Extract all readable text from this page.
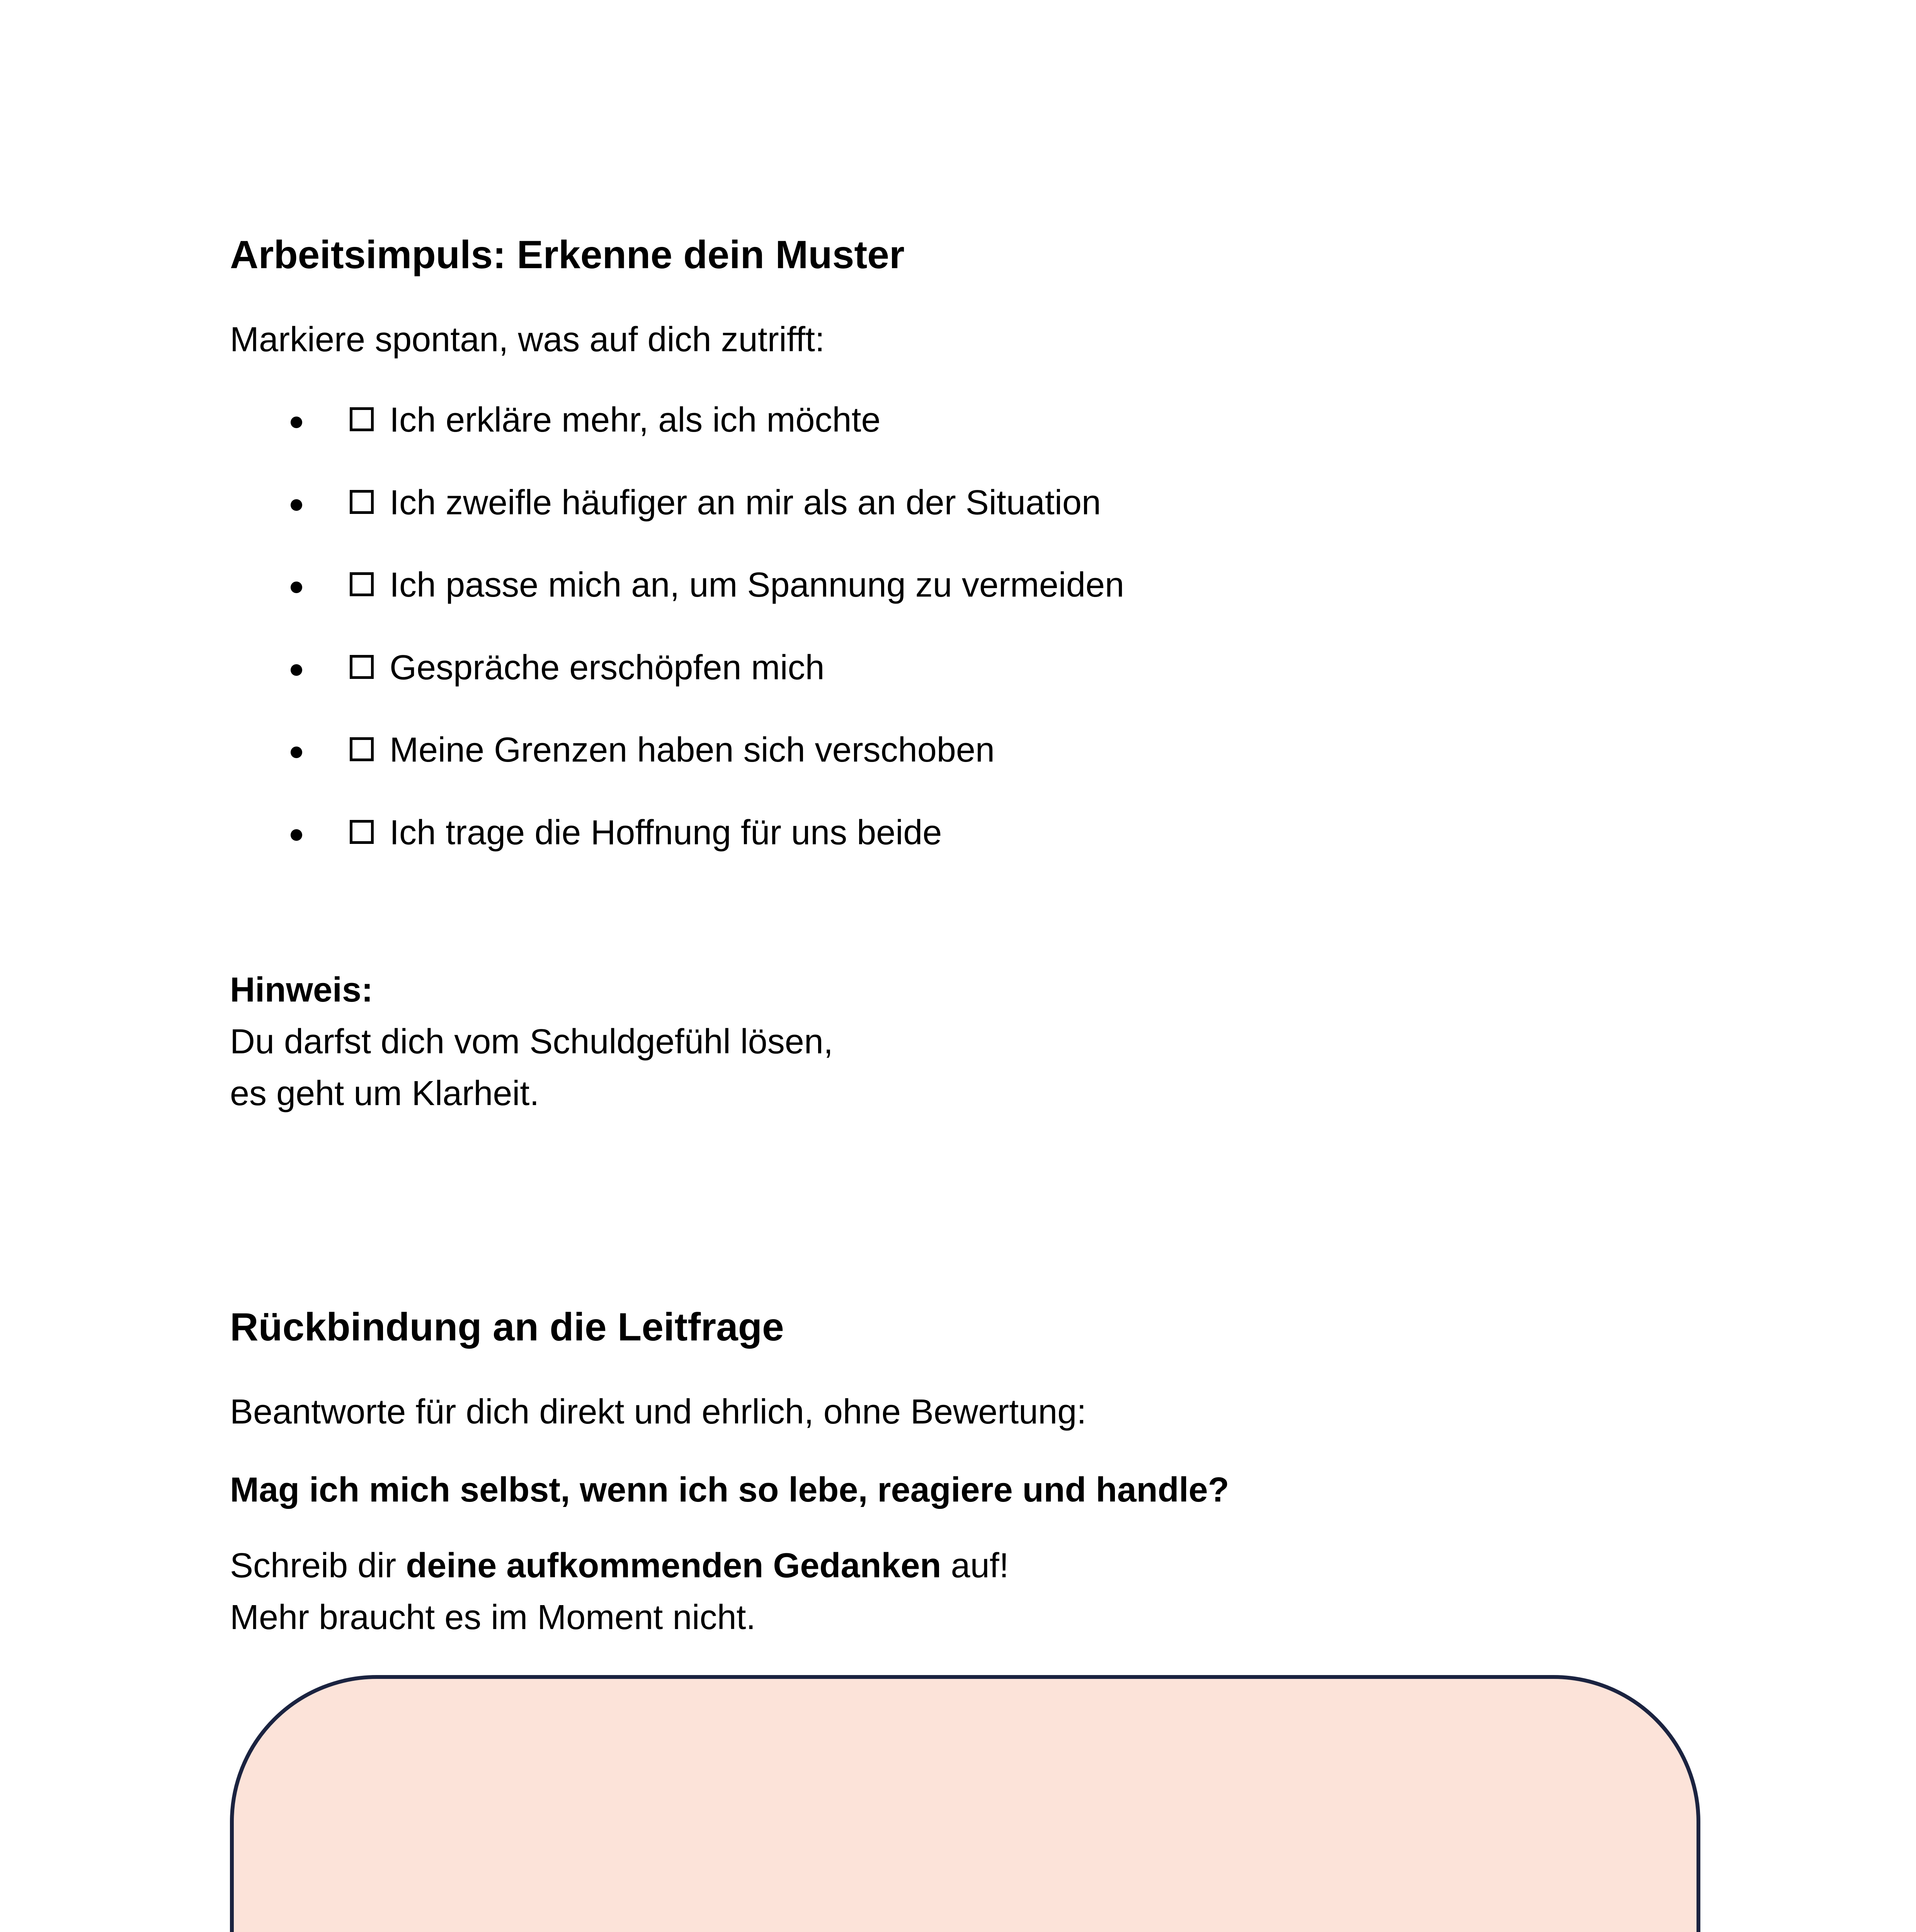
Arbeitsimpuls: Erkenne dein Muster

Markiere spontan, was auf dich zutrifft:

Ich erkläre mehr, als ich möchte
Ich zweifle häufiger an mir als an der Situation
Ich passe mich an, um Spannung zu vermeiden
Gespräche erschöpfen mich
Meine Grenzen haben sich verschoben
Ich trage die Hoffnung für uns beide

Hinweis:

Du darfst dich vom Schuldgefühl lösen,

es geht um Klarheit.

Rückbindung an die Leitfrage

Beantworte für dich direkt und ehrlich, ohne Bewertung:

Mag ich mich selbst, wenn ich so lebe, reagiere und handle?

Schreib dir deine aufkommenden Gedanken auf!

Mehr braucht es im Moment nicht.
